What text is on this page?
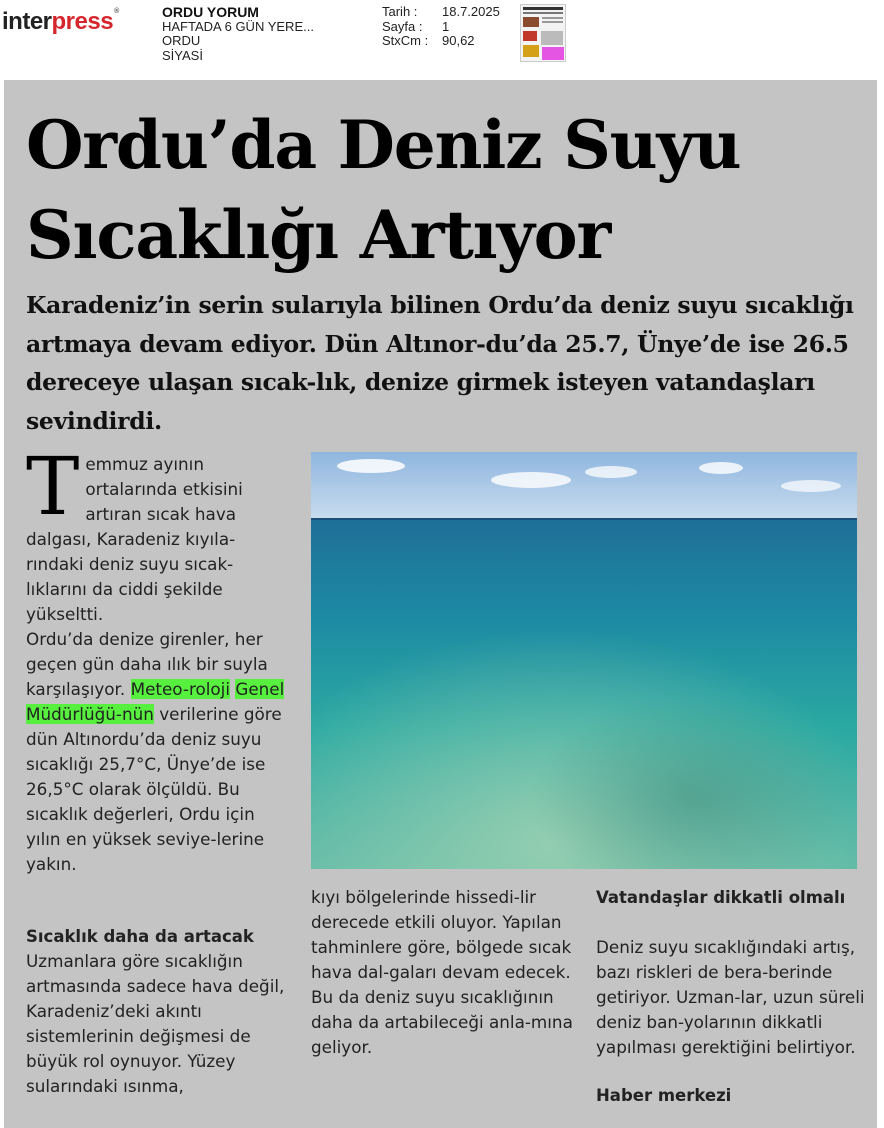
interpress®	ORDU YORUM
HAFTADA 6 GÜN YERE...
ORDU
SİYASİ
Tarih :	18.7.2025
Sayfa :	1
StxCm :	90,62
Ordu’da Deniz Suyu Sıcaklığı Artıyor

Karadeniz’in serin sularıyla bilinen Ordu’da deniz suyu sıcaklığı artmaya devam ediyor. Dün Altınor-du’da 25.7, Ünye’de ise 26.5 dereceye ulaşan sıcak-lık, denize girmek isteyen vatandaşları sevindirdi.

Temmuz ayının ortalarında etkisini artıran sıcak hava dalgası, Karadeniz kıyıla-rındaki deniz suyu sıcak-lıklarını da ciddi şekilde yükseltti.

Ordu’da denize girenler, her geçen gün daha ılık bir suyla karşılaşıyor. Meteo-roloji Genel Müdürlüğü-nün verilerine göre dün Altınordu’da deniz suyu sıcaklığı 25,7°C, Ünye’de ise 26,5°C olarak ölçüldü. Bu sıcaklık değerleri, Ordu için yılın en yüksek seviye-lerine yakın.

Sıcaklık daha da artacak

Uzmanlara göre sıcaklığın artmasında sadece hava değil, Karadeniz’deki akıntı sistemlerinin değişmesi de büyük rol oynuyor. Yüzey sularındaki ısınma,

kıyı bölgelerinde hissedi-lir derecede etkili oluyor. Yapılan tahminlere göre, bölgede sıcak hava dal-gaları devam edecek. Bu da deniz suyu sıcaklığının daha da artabileceği anla-mına geliyor.

Vatandaşlar dikkatli olmalı

Deniz suyu sıcaklığındaki artış, bazı riskleri de bera-berinde getiriyor. Uzman-lar, uzun süreli deniz ban-yolarının dikkatli yapılması gerektiğini belirtiyor.

Haber merkezi
